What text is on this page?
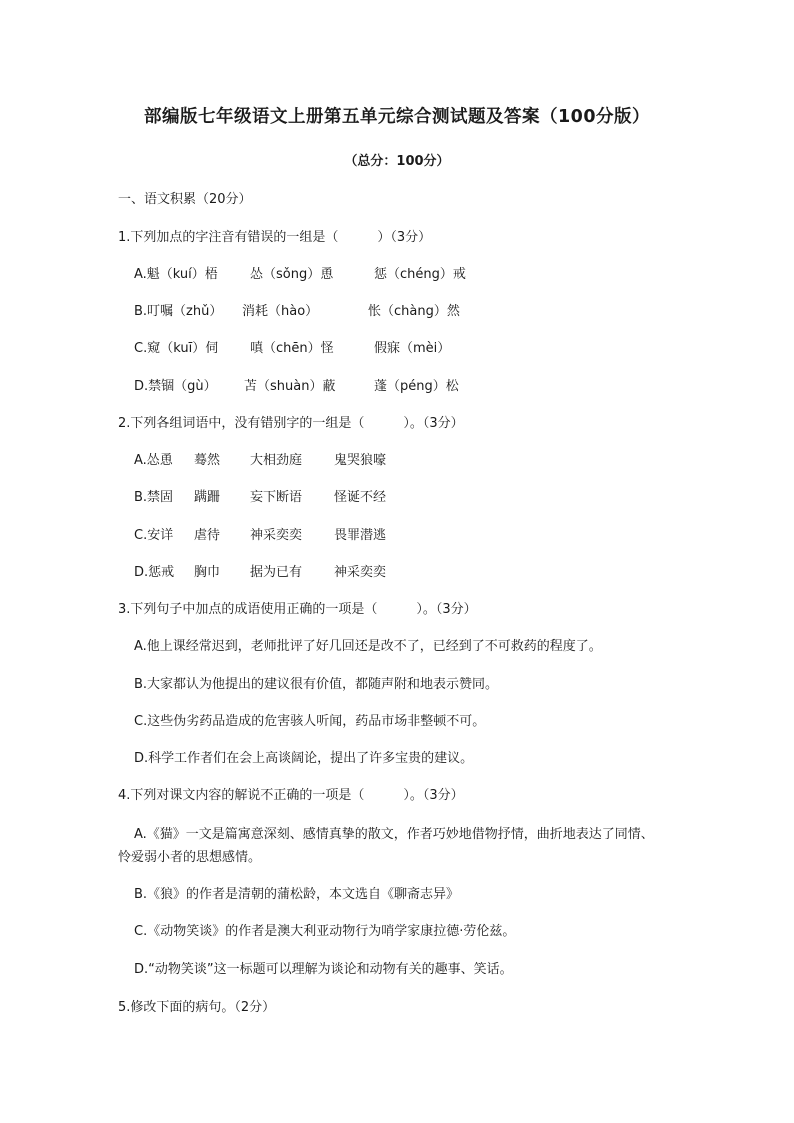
部编版七年级语文上册第五单元综合测试题及答案（100分版）
（总分：100分）
一、语文积累（20分）
1.下列加点的字注音有错误的一组是（　　　）（3分）
A.魁（kuí）梧 怂（sǒng）恿	惩（chéng）戒
B.叮嘱（zhǔ） 消耗（hào）	怅（chàng）然
C.窥（kuī）伺 嗔（chēn）怪	假寐（mèi）
D.禁锢（gù） 苫（shuàn）蔽	蓬（péng）松
2.下列各组词语中，没有错别字的一组是（　　　）。（3分）
A.怂恿 蓦然 大相劲庭 鬼哭狼嚎
B.禁固 蹒跚 妄下断语 怪诞不经
C.安详 虐待 神采奕奕 畏罪潜逃
D.惩戒 胸巾 据为已有 神采奕奕
3.下列句子中加点的成语使用正确的一项是（　　　）。（3分）
A.他上课经常迟到，老师批评了好几回还是改不了，已经到了不可救药的程度了。
B.大家都认为他提出的建议很有价值，都随声附和地表示赞同。
C.这些伪劣药品造成的危害骇人听闻，药品市场非整顿不可。
D.科学工作者们在会上高谈阔论，提出了许多宝贵的建议。
4.下列对课文内容的解说不正确的一项是（　　　）。（3分）
A.《猫》一文是篇寓意深刻、感情真挚的散文，作者巧妙地借物抒情，曲折地表达了同情、
怜爱弱小者的思想感情。
B.《狼》的作者是清朝的蒲松龄，本文选自《聊斋志异》
C.《动物笑谈》的作者是澳大利亚动物行为哨学家康拉德·劳伦兹。
D.“动物笑谈”这一标题可以理解为谈论和动物有关的趣事、笑话。
5.修改下面的病句。（2分）
